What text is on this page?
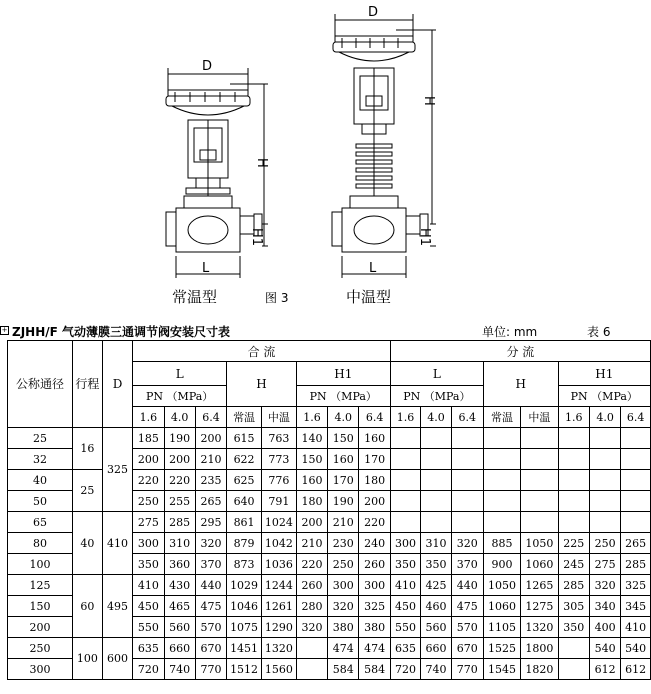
D
H
H1
L
D
H
H1
L
常温型	图 3	中温型
+ ZJHH/F 气动薄膜三通调节阀安装尺寸表	单位: mm	表 6
公称通径	行程	D	合 流								分 流							
			L			H		H1			L			H		H1		
			PN （MPa）					PN （MPa）			PN （MPa）					PN （MPa）		
			1.6	4.0	6.4	常温	中温	1.6	4.0	6.4	1.6	4.0	6.4	常温	中温	1.6	4.0	6.4
25	16	325	185	190	200	615	763	140	150	160								
32			200	200	210	622	773	150	160	170								
40	25		220	220	235	625	776	160	170	180								
50			250	255	265	640	791	180	190	200								
65	40	410	275	285	295	861	1024	200	210	220								
80			300	310	320	879	1042	210	230	240	300	310	320	885	1050	225	250	265
100			350	360	370	873	1036	220	250	260	350	350	370	900	1060	245	275	285
125	60	495	410	430	440	1029	1244	260	300	300	410	425	440	1050	1265	285	320	325
150			450	465	475	1046	1261	280	320	325	450	460	475	1060	1275	305	340	345
200			550	560	570	1075	1290	320	380	380	550	560	570	1105	1320	350	400	410
250	100	600	635	660	670	1451	1320		474	474	635	660	670	1525	1800		540	540
300			720	740	770	1512	1560		584	584	720	740	770	1545	1820		612	612
